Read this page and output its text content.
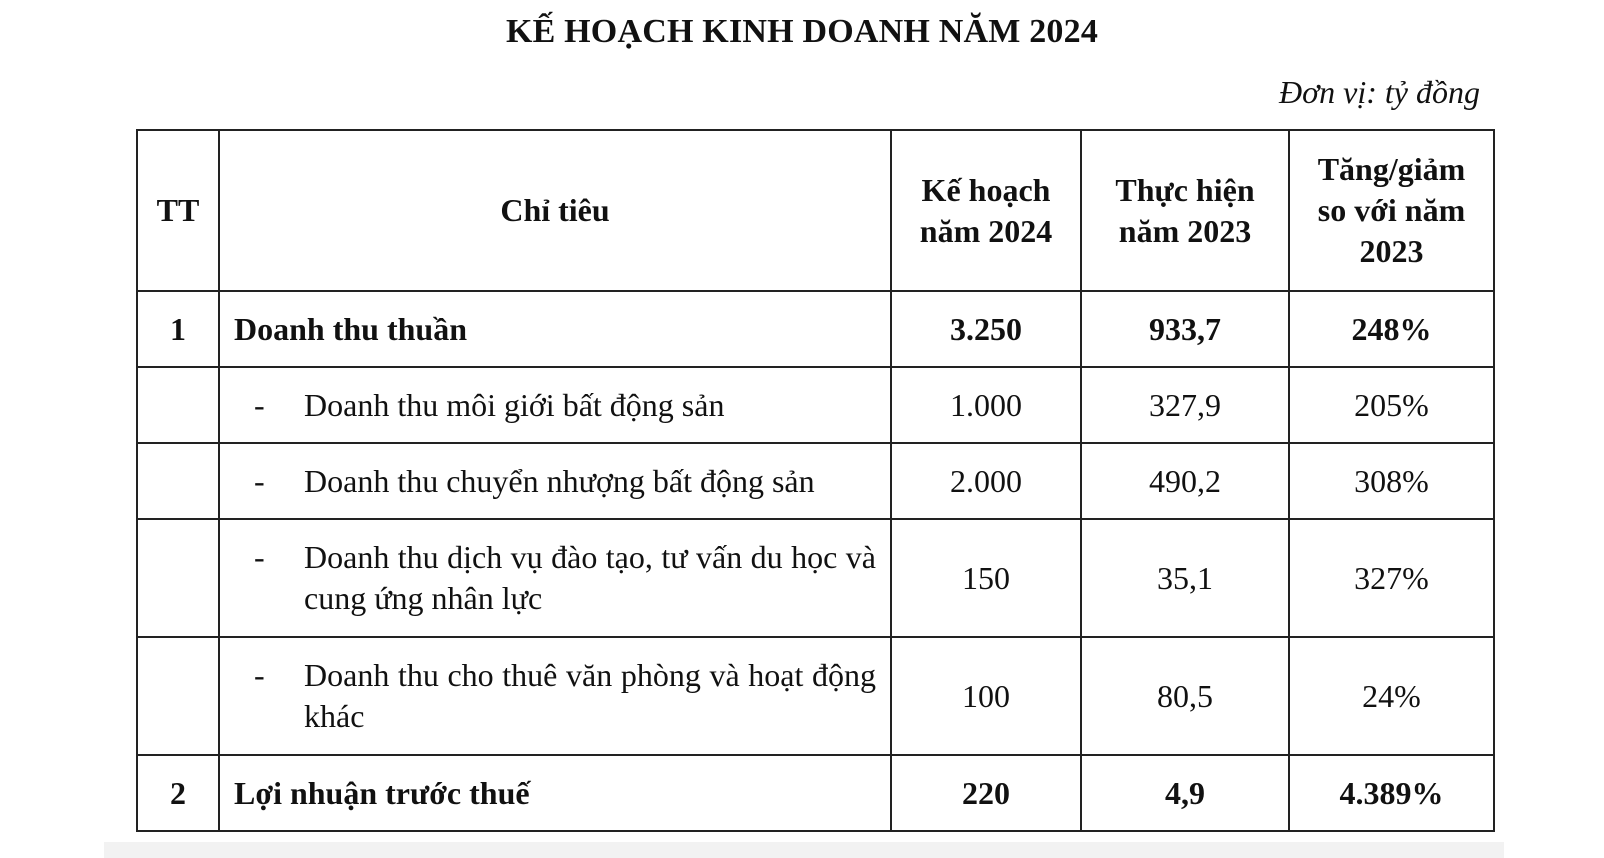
KẾ HOẠCH KINH DOANH NĂM 2024
Đơn vị: tỷ đồng
TT	Chỉ tiêu	Kế hoạch năm 2024	Thực hiện năm 2023	Tăng/giảm so với năm 2023
1	Doanh thu thuần	3.250	933,7	248%

	- Doanh thu môi giới bất động sản	1.000	327,9	205%

	- Doanh thu chuyển nhượng bất động sản	2.000	490,2	308%

	- Doanh thu dịch vụ đào tạo, tư vấn du học và cung ứng nhân lực	150	35,1	327%

	- Doanh thu cho thuê văn phòng và hoạt động khác	100	80,5	24%
2	Lợi nhuận trước thuế	220	4,9	4.389%
